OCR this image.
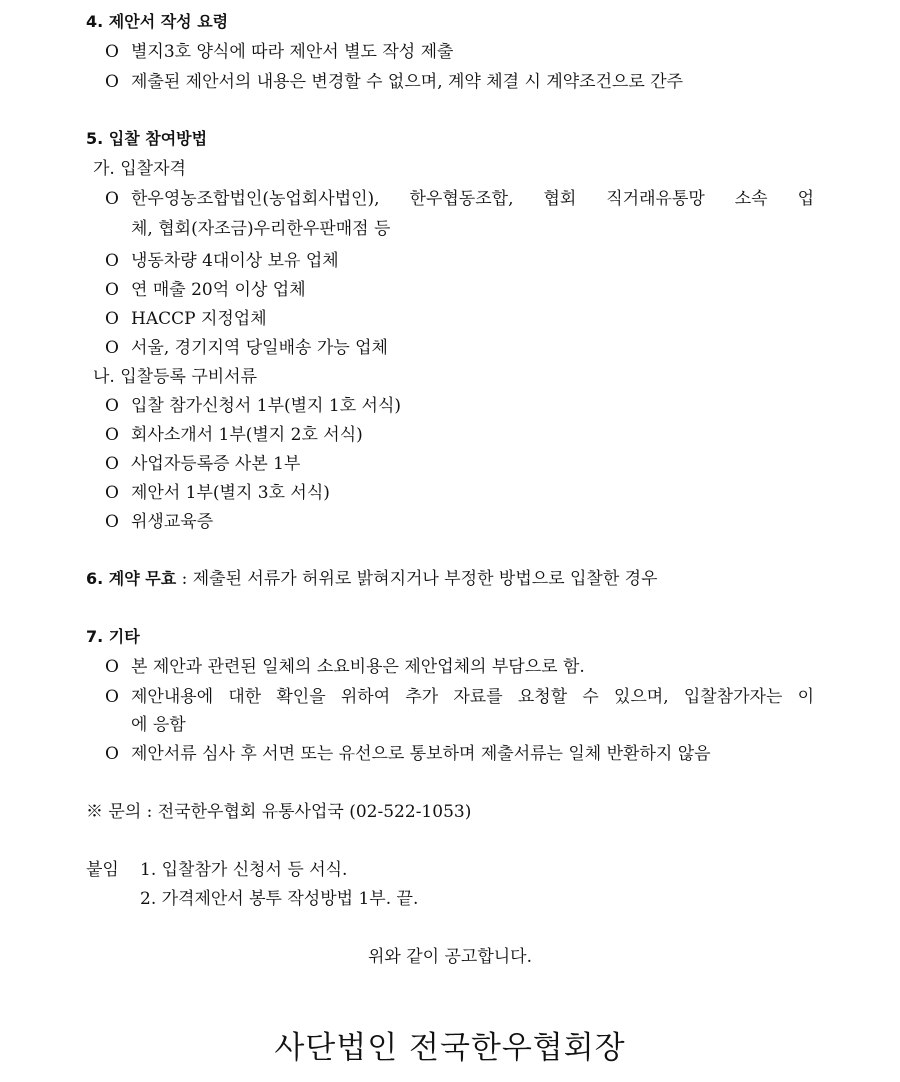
4. 제안서 작성 요령
O 별지3호 양식에 따라 제안서 별도 작성 제출
O 제출된 제안서의 내용은 변경할 수 없으며, 계약 체결 시 계약조건으로 간주
5. 입찰 참여방법
가. 입찰자격
O 한우영농조합법인(농업회사법인), 한우협동조합, 협회 직거래유통망 소속 업
체, 협회(자조금)우리한우판매점 등
O 냉동차량 4대이상 보유 업체
O 연 매출 20억 이상 업체
O HACCP 지정업체
O 서울, 경기지역 당일배송 가능 업체
나. 입찰등록 구비서류
O 입찰 참가신청서 1부(별지 1호 서식)
O 회사소개서 1부(별지 2호 서식)
O 사업자등록증 사본 1부
O 제안서 1부(별지 3호 서식)
O 위생교육증
6. 계약 무효 : 제출된 서류가 허위로 밝혀지거나 부정한 방법으로 입찰한 경우
7. 기타
O 본 제안과 관련된 일체의 소요비용은 제안업체의 부담으로 함.
O 제안내용에 대한 확인을 위하여 추가 자료를 요청할 수 있으며, 입찰참가자는 이
에 응함
O 제안서류 심사 후 서면 또는 유선으로 통보하며 제출서류는 일체 반환하지 않음
※ 문의 : 전국한우협회 유통사업국 (02-522-1053)
붙임 1. 입찰참가 신청서 등 서식.
2. 가격제안서 봉투 작성방법 1부. 끝.
위와 같이 공고합니다.
사단법인 전국한우협회장
